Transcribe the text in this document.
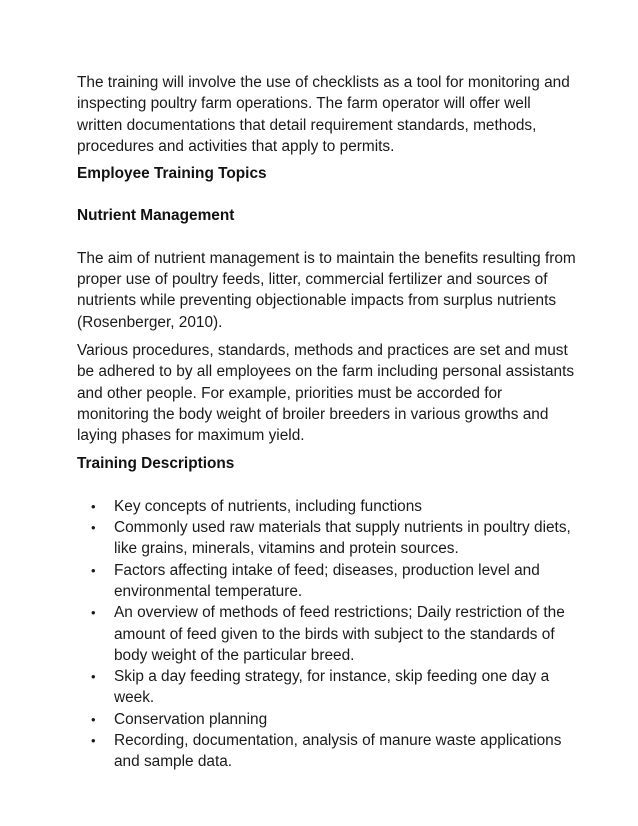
The training will involve the use of checklists as a tool for monitoring and inspecting poultry farm operations. The farm operator will offer well written documentations that detail requirement standards, methods, procedures and activities that apply to permits.

Employee Training Topics

Nutrient Management

The aim of nutrient management is to maintain the benefits resulting from proper use of poultry feeds, litter, commercial fertilizer and sources of nutrients while preventing objectionable impacts from surplus nutrients (Rosenberger, 2010).

Various procedures, standards, methods and practices are set and must be adhered to by all employees on the farm including personal assistants and other people. For example, priorities must be accorded for monitoring the body weight of broiler breeders in various growths and laying phases for maximum yield.

Training Descriptions

• Key concepts of nutrients, including functions
• Commonly used raw materials that supply nutrients in poultry diets, like grains, minerals, vitamins and protein sources.
• Factors affecting intake of feed; diseases, production level and environmental temperature.
• An overview of methods of feed restrictions; Daily restriction of the amount of feed given to the birds with subject to the standards of body weight of the particular breed.
• Skip a day feeding strategy, for instance, skip feeding one day a week.
• Conservation planning
• Recording, documentation, analysis of manure waste applications and sample data.
